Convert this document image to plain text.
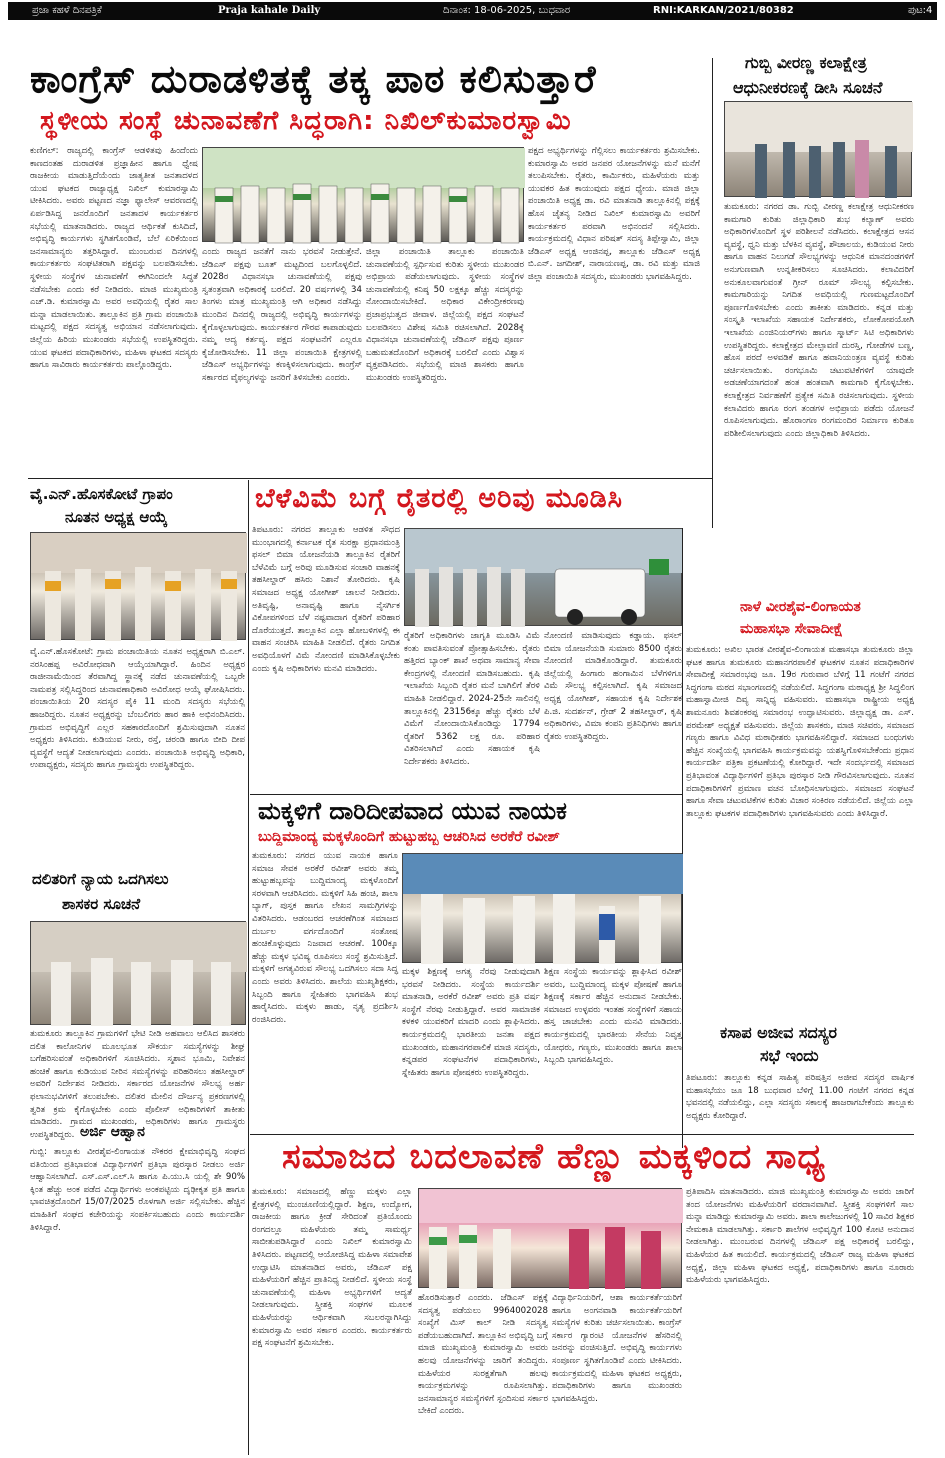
ಪ್ರಜಾ ಕಹಳೆ ದಿನಪತ್ರಿಕೆ	Praja kahale Daily	ದಿನಾಂಕ: 18-06-2025, ಬುಧವಾರ	RNI:KARKAN/2021/80382	ಪುಟ:4
ಕಾಂಗ್ರೆಸ್ ದುರಾಡಳಿತಕ್ಕೆ ತಕ್ಕ ಪಾಠ ಕಲಿಸುತ್ತಾರೆ
ಸ್ಥಳೀಯ ಸಂಸ್ಥೆ ಚುನಾವಣೆಗೆ ಸಿದ್ಧರಾಗಿ: ನಿಖಿಲ್‌ಕುಮಾರಸ್ವಾಮಿ
ಕುಣಿಗಲ್: ರಾಜ್ಯದಲ್ಲಿ ಕಾಂಗ್ರೆಸ್ ಆಡಳಿತವು ಹಿಂದೆಂದು ಕಾಣದಂತಹ ದುರಾಡಳಿತ ಪ್ರಜ್ಞಾಹೀನ ಹಾಗೂ ಧ್ವೇಷ ರಾಜಕೀಯ ಮಾಡುತ್ತಿದೆಯೆಂದು ಜಾತ್ಯತೀತ ಜನತಾದಳದ ಯುವ ಘಟಕದ ರಾಜ್ಯಾಧ್ಯಕ್ಷ ನಿಖಿಲ್ ಕುಮಾರಸ್ವಾಮಿ ಟೀಕಿಸಿದರು. ಅವರು ಪಟ್ಟಣದ ನಜ್ಞಾ ಫ್ಯಾಲೇಸ್ ಆವರಣದಲ್ಲಿ ಏರ್ಪಡಿಸಿದ್ದ ಜನರೊಂದಿಗೆ ಜನತಾದಳ ಕಾರ್ಯಕರ್ತರ ಸಭೆಯಲ್ಲಿ ಮಾತನಾಡಿದರು. ರಾಜ್ಯದ ಆರ್ಥಿಕತೆ ಕುಸಿದಿದೆ, ಅಭಿವೃದ್ಧಿ ಕಾರ್ಯಗಳು ಸ್ಥಗಿತಗೊಂಡಿವೆ, ಬೆಲೆ ಏರಿಕೆಯಿಂದ ಜನಸಾಮಾನ್ಯರು ತತ್ತರಿಸಿದ್ದಾರೆ. ಮುಂಬರುವ ದಿನಗಳಲ್ಲಿ ಕಾರ್ಯಕರ್ತರು ಸಂಘಟಿತರಾಗಿ ಪಕ್ಷವನ್ನು ಬಲಪಡಿಸಬೇಕು. ಸ್ಥಳೀಯ ಸಂಸ್ಥೆಗಳ ಚುನಾವಣೆಗೆ ಈಗಿನಿಂದಲೇ ಸಿದ್ಧತೆ ನಡೆಸಬೇಕು ಎಂದು ಕರೆ ನೀಡಿದರು. ಮಾಜಿ ಮುಖ್ಯಮಂತ್ರಿ ಎಚ್.ಡಿ. ಕುಮಾರಸ್ವಾಮಿ ಅವರ ಅವಧಿಯಲ್ಲಿ ರೈತರ ಸಾಲ ಮನ್ನಾ ಮಾಡಲಾಯಿತು. ತಾಲ್ಲೂಕಿನ ಪ್ರತಿ ಗ್ರಾಮ ಪಂಚಾಯಿತಿ ಮಟ್ಟದಲ್ಲಿ ಪಕ್ಷದ ಸದಸ್ಯತ್ವ ಅಭಿಯಾನ ನಡೆಸಲಾಗುವುದು. ಜಿಲ್ಲೆಯ ಹಿರಿಯ ಮುಖಂಡರು ಸಭೆಯಲ್ಲಿ ಉಪಸ್ಥಿತರಿದ್ದರು. ಯುವ ಘಟಕದ ಪದಾಧಿಕಾರಿಗಳು, ಮಹಿಳಾ ಘಟಕದ ಸದಸ್ಯರು ಹಾಗೂ ಸಾವಿರಾರು ಕಾರ್ಯಕರ್ತರು ಪಾಲ್ಗೊಂಡಿದ್ದರು.
ಎಂದು ರಾಜ್ಯದ ಜನತೆಗೆ ನಾನು ಭರವಸೆ ನೀಡುತ್ತೇನೆ. ಜೆಡಿಎಸ್ ಪಕ್ಷವು ಬೂತ್ ಮಟ್ಟದಿಂದ ಬಲಗೊಳ್ಳಲಿದೆ. 2028ರ ವಿಧಾನಸಭಾ ಚುನಾವಣೆಯಲ್ಲಿ ಪಕ್ಷವು ಸ್ವತಂತ್ರವಾಗಿ ಅಧಿಕಾರಕ್ಕೆ ಬರಲಿದೆ. 20 ವರ್ಷಗಳಲ್ಲಿ 34 ತಿಂಗಳು ಮಾತ್ರ ಮುಖ್ಯಮಂತ್ರಿ ಆಗಿ ಅಧಿಕಾರ ನಡೆಸಿದ್ದು ಮುಂದಿನ ದಿನದಲ್ಲಿ ರಾಜ್ಯದಲ್ಲಿ ಅಭಿವೃದ್ಧಿ ಕಾರ್ಯಗಳನ್ನು ಕೈಗೊಳ್ಳಲಾಗುವುದು. ಕಾರ್ಯಕರ್ತರ ಗೌರವ ಕಾಪಾಡುವುದು ನಮ್ಮ ಆದ್ಯ ಕರ್ತವ್ಯ. ಪಕ್ಷದ ಸಂಘಟನೆಗೆ ಎಲ್ಲರೂ ಕೈಜೋಡಿಸಬೇಕು. 11 ಜಿಲ್ಲಾ ಪಂಚಾಯಿತಿ ಕ್ಷೇತ್ರಗಳಲ್ಲಿ ಜೆಡಿಎಸ್ ಅಭ್ಯರ್ಥಿಗಳನ್ನು ಕಣಕ್ಕಿಳಿಸಲಾಗುವುದು. ಕಾಂಗ್ರೆಸ್ ಸರ್ಕಾರದ ವೈಫಲ್ಯಗಳನ್ನು ಜನರಿಗೆ ತಿಳಿಸಬೇಕು ಎಂದರು.
ಜಿಲ್ಲಾ ಪಂಚಾಯಿತಿ ತಾಲ್ಲೂಕು ಪಂಚಾಯಿತಿ ಚುನಾವಣೆಯಲ್ಲಿ ಸ್ಪರ್ಧಿಸುವ ಕುರಿತು ಸ್ಥಳೀಯ ಮುಖಂಡರ ಅಭಿಪ್ರಾಯ ಪಡೆಯಲಾಗುವುದು. ಸ್ಥಳೀಯ ಸಂಸ್ಥೆಗಳ ಚುನಾವಣೆಯಲ್ಲಿ ಕನಿಷ್ಠ 50 ಲಕ್ಷಕ್ಕೂ ಹೆಚ್ಚು ಸದಸ್ಯರನ್ನು ನೋಂದಾಯಿಸಬೇಕಿದೆ. ಅಧಿಕಾರ ವಿಕೇಂದ್ರೀಕರಣವು ಪ್ರಜಾಪ್ರಭುತ್ವದ ಜೀವಾಳ. ಜಿಲ್ಲೆಯಲ್ಲಿ ಪಕ್ಷದ ಸಂಘಟನೆ ಬಲಪಡಿಸಲು ವಿಶೇಷ ಸಮಿತಿ ರಚಿಸಲಾಗಿದೆ. 2028ಕ್ಕೆ ವಿಧಾನಸಭಾ ಚುನಾವಣೆಯಲ್ಲಿ ಜೆಡಿಎಸ್ ಪಕ್ಷವು ಪೂರ್ಣ ಬಹುಮತದೊಂದಿಗೆ ಅಧಿಕಾರಕ್ಕೆ ಬರಲಿದೆ ಎಂದು ವಿಶ್ವಾಸ ವ್ಯಕ್ತಪಡಿಸಿದರು. ಸಭೆಯಲ್ಲಿ ಮಾಜಿ ಶಾಸಕರು ಹಾಗೂ ಮುಖಂಡರು ಉಪಸ್ಥಿತರಿದ್ದರು.
ಪಕ್ಷದ ಅಭ್ಯರ್ಥಿಗಳನ್ನು ಗೆಲ್ಲಿಸಲು ಕಾರ್ಯಕರ್ತರು ಶ್ರಮಿಸಬೇಕು. ಕುಮಾರಸ್ವಾಮಿ ಅವರ ಜನಪರ ಯೋಜನೆಗಳನ್ನು ಮನೆ ಮನೆಗೆ ತಲುಪಿಸಬೇಕು. ರೈತರು, ಕಾರ್ಮಿಕರು, ಮಹಿಳೆಯರು ಮತ್ತು ಯುವಕರ ಹಿತ ಕಾಯುವುದು ಪಕ್ಷದ ಧ್ಯೇಯ. ಮಾಜಿ ಜಿಲ್ಲಾ ಪಂಚಾಯಿತಿ ಅಧ್ಯಕ್ಷ ಡಾ. ರವಿ ಮಾತನಾಡಿ ತಾಲ್ಲೂಕಿನಲ್ಲಿ ಪಕ್ಷಕ್ಕೆ ಹೊಸ ಚೈತನ್ಯ ನೀಡಿದ ನಿಖಿಲ್ ಕುಮಾರಸ್ವಾಮಿ ಅವರಿಗೆ ಕಾರ್ಯಕರ್ತರ ಪರವಾಗಿ ಅಭಿನಂದನೆ ಸಲ್ಲಿಸಿದರು. ಕಾರ್ಯಕ್ರಮದಲ್ಲಿ ವಿಧಾನ ಪರಿಷತ್ ಸದಸ್ಯ ತಿಪ್ಪೇಸ್ವಾಮಿ, ಜಿಲ್ಲಾ ಜೆಡಿಎಸ್ ಅಧ್ಯಕ್ಷ ಆಂಜಿನಪ್ಪ, ತಾಲ್ಲೂಕು ಜೆಡಿಎಸ್ ಅಧ್ಯಕ್ಷ ಬಿ.ಎನ್. ಜಗದೀಶ್, ನಾರಾಯಣಪ್ಪ, ಡಾ. ರವಿ ಮತ್ತು ಮಾಜಿ ಜಿಲ್ಲಾ ಪಂಚಾಯಿತಿ ಸದಸ್ಯರು, ಮುಖಂಡರು ಭಾಗವಹಿಸಿದ್ದರು.
ಗುಬ್ಬಿ ವೀರಣ್ಣ ಕಲಾಕ್ಷೇತ್ರ
ಆಧುನೀಕರಣಕ್ಕೆ ಡೀಸಿ ಸೂಚನೆ
ತುಮಕೂರು: ನಗರದ ಡಾ. ಗುಬ್ಬಿ ವೀರಣ್ಣ ಕಲಾಕ್ಷೇತ್ರ ಆಧುನೀಕರಣ ಕಾಮಗಾರಿ ಕುರಿತು ಜಿಲ್ಲಾಧಿಕಾರಿ ಶುಭ ಕಲ್ಯಾಣ್ ಅವರು ಅಧಿಕಾರಿಗಳೊಂದಿಗೆ ಸ್ಥಳ ಪರಿಶೀಲನೆ ನಡೆಸಿದರು. ಕಲಾಕ್ಷೇತ್ರದ ಆಸನ ವ್ಯವಸ್ಥೆ, ಧ್ವನಿ ಮತ್ತು ಬೆಳಕಿನ ವ್ಯವಸ್ಥೆ, ಶೌಚಾಲಯ, ಕುಡಿಯುವ ನೀರು ಹಾಗೂ ವಾಹನ ನಿಲುಗಡೆ ಸೌಲಭ್ಯಗಳನ್ನು ಆಧುನಿಕ ಮಾನದಂಡಗಳಿಗೆ ಅನುಗುಣವಾಗಿ ಉನ್ನತೀಕರಿಸಲು ಸೂಚಿಸಿದರು. ಕಲಾವಿದರಿಗೆ ಅನುಕೂಲವಾಗುವಂತೆ ಗ್ರೀನ್ ರೂಮ್ ಸೌಲಭ್ಯ ಕಲ್ಪಿಸಬೇಕು. ಕಾಮಗಾರಿಯನ್ನು ನಿಗದಿತ ಅವಧಿಯಲ್ಲಿ ಗುಣಮಟ್ಟದೊಂದಿಗೆ ಪೂರ್ಣಗೊಳಿಸಬೇಕು ಎಂದು ತಾಕೀತು ಮಾಡಿದರು. ಕನ್ನಡ ಮತ್ತು ಸಂಸ್ಕೃತಿ ಇಲಾಖೆಯ ಸಹಾಯಕ ನಿರ್ದೇಶಕರು, ಲೋಕೋಪಯೋಗಿ ಇಲಾಖೆಯ ಎಂಜಿನಿಯರ್‌ಗಳು ಹಾಗೂ ಸ್ಮಾರ್ಟ್ ಸಿಟಿ ಅಧಿಕಾರಿಗಳು ಉಪಸ್ಥಿತರಿದ್ದರು. ಕಲಾಕ್ಷೇತ್ರದ ಮೇಲ್ಛಾವಣಿ ದುರಸ್ತಿ, ಗೋಡೆಗಳ ಬಣ್ಣ, ಹೊಸ ಪರದೆ ಅಳವಡಿಕೆ ಹಾಗೂ ಹವಾನಿಯಂತ್ರಣ ವ್ಯವಸ್ಥೆ ಕುರಿತು ಚರ್ಚಿಸಲಾಯಿತು. ರಂಗಭೂಮಿ ಚಟುವಟಿಕೆಗಳಿಗೆ ಯಾವುದೇ ಅಡಚಣೆಯಾಗದಂತೆ ಹಂತ ಹಂತವಾಗಿ ಕಾಮಗಾರಿ ಕೈಗೊಳ್ಳಬೇಕು. ಕಲಾಕ್ಷೇತ್ರದ ನಿರ್ವಹಣೆಗೆ ಪ್ರತ್ಯೇಕ ಸಮಿತಿ ರಚಿಸಲಾಗುವುದು. ಸ್ಥಳೀಯ ಕಲಾವಿದರು ಹಾಗೂ ರಂಗ ತಂಡಗಳ ಅಭಿಪ್ರಾಯ ಪಡೆದು ಯೋಜನೆ ರೂಪಿಸಲಾಗುವುದು. ಹೊರಾಂಗಣ ರಂಗಮಂದಿರ ನಿರ್ಮಾಣ ಕುರಿತೂ ಪರಿಶೀಲಿಸಲಾಗುವುದು ಎಂದು ಜಿಲ್ಲಾಧಿಕಾರಿ ತಿಳಿಸಿದರು.
ನಾಳೆ ವೀರಶೈವ-ಲಿಂಗಾಯತ
ಮಹಾಸಭಾ ಸೇವಾದೀಕ್ಷೆ
ತುಮಕೂರು: ಅಖಿಲ ಭಾರತ ವೀರಶೈವ-ಲಿಂಗಾಯತ ಮಹಾಸಭಾ ತುಮಕೂರು ಜಿಲ್ಲಾ ಘಟಕ ಹಾಗೂ ತುಮಕೂರು ಮಹಾನಗರಪಾಲಿಕೆ ಘಟಕಗಳ ನೂತನ ಪದಾಧಿಕಾರಿಗಳ ಸೇವಾದೀಕ್ಷೆ ಸಮಾರಂಭವು ಜೂ. 19ರ ಗುರುವಾರ ಬೆಳಿಗ್ಗೆ 11 ಗಂಟೆಗೆ ನಗರದ ಸಿದ್ಧಗಂಗಾ ಮಠದ ಸಭಾಂಗಣದಲ್ಲಿ ನಡೆಯಲಿದೆ. ಸಿದ್ಧಗಂಗಾ ಮಠಾಧ್ಯಕ್ಷ ಶ್ರೀ ಸಿದ್ಧಲಿಂಗ ಮಹಾಸ್ವಾಮೀಜಿ ದಿವ್ಯ ಸಾನ್ನಿಧ್ಯ ವಹಿಸುವರು. ಮಹಾಸಭಾ ರಾಷ್ಟ್ರೀಯ ಅಧ್ಯಕ್ಷ ಶಾಮನೂರು ಶಿವಶಂಕರಪ್ಪ ಸಮಾರಂಭ ಉದ್ಘಾಟಿಸುವರು. ಜಿಲ್ಲಾಧ್ಯಕ್ಷ ಡಾ. ಎಸ್. ಪರಮೇಶ್ ಅಧ್ಯಕ್ಷತೆ ವಹಿಸುವರು. ಜಿಲ್ಲೆಯ ಶಾಸಕರು, ಮಾಜಿ ಸಚಿವರು, ಸಮಾಜದ ಗಣ್ಯರು ಹಾಗೂ ವಿವಿಧ ಮಠಾಧೀಶರು ಭಾಗವಹಿಸಲಿದ್ದಾರೆ. ಸಮಾಜದ ಬಂಧುಗಳು ಹೆಚ್ಚಿನ ಸಂಖ್ಯೆಯಲ್ಲಿ ಭಾಗವಹಿಸಿ ಕಾರ್ಯಕ್ರಮವನ್ನು ಯಶಸ್ವಿಗೊಳಿಸಬೇಕೆಂದು ಪ್ರಧಾನ ಕಾರ್ಯದರ್ಶಿ ಪತ್ರಿಕಾ ಪ್ರಕಟಣೆಯಲ್ಲಿ ಕೋರಿದ್ದಾರೆ. ಇದೇ ಸಂದರ್ಭದಲ್ಲಿ ಸಮಾಜದ ಪ್ರತಿಭಾವಂತ ವಿದ್ಯಾರ್ಥಿಗಳಿಗೆ ಪ್ರತಿಭಾ ಪುರಸ್ಕಾರ ನೀಡಿ ಗೌರವಿಸಲಾಗುವುದು. ನೂತನ ಪದಾಧಿಕಾರಿಗಳಿಗೆ ಪ್ರಮಾಣ ವಚನ ಬೋಧಿಸಲಾಗುವುದು. ಸಮಾಜದ ಸಂಘಟನೆ ಹಾಗೂ ಸೇವಾ ಚಟುವಟಿಕೆಗಳ ಕುರಿತು ವಿಚಾರ ಸಂಕಿರಣ ನಡೆಯಲಿದೆ. ಜಿಲ್ಲೆಯ ಎಲ್ಲಾ ತಾಲ್ಲೂಕು ಘಟಕಗಳ ಪದಾಧಿಕಾರಿಗಳು ಭಾಗವಹಿಸುವರು ಎಂದು ತಿಳಿಸಿದ್ದಾರೆ.
ಕಸಾಪ ಅಜೀವ ಸದಸ್ಯರ
ಸಭೆ ಇಂದು
ತಿಪಟೂರು: ತಾಲ್ಲೂಕು ಕನ್ನಡ ಸಾಹಿತ್ಯ ಪರಿಷತ್ತಿನ ಅಜೀವ ಸದಸ್ಯರ ವಾರ್ಷಿಕ ಮಹಾಸಭೆಯು ಜೂ 18 ಬುಧವಾರ ಬೆಳಿಗ್ಗೆ 11.00 ಗಂಟೆಗೆ ನಗರದ ಕನ್ನಡ ಭವನದಲ್ಲಿ ನಡೆಯಲಿದ್ದು, ಎಲ್ಲಾ ಸದಸ್ಯರು ಸಕಾಲಕ್ಕೆ ಹಾಜರಾಗಬೇಕೆಂದು ತಾಲ್ಲೂಕು ಅಧ್ಯಕ್ಷರು ಕೋರಿದ್ದಾರೆ.
ವೈ.ಎನ್.ಹೊಸಕೋಟೆ ಗ್ರಾಪಂ
ನೂತನ ಅಧ್ಯಕ್ಷ ಆಯ್ಕೆ
ವೈ.ಎನ್.ಹೊಸಕೋಟೆ: ಗ್ರಾಮ ಪಂಚಾಯಿತಿಯ ನೂತನ ಅಧ್ಯಕ್ಷರಾಗಿ ಬಿ.ಎಲ್. ನರಸಿಂಹಪ್ಪ ಅವಿರೋಧವಾಗಿ ಆಯ್ಕೆಯಾಗಿದ್ದಾರೆ. ಹಿಂದಿನ ಅಧ್ಯಕ್ಷರ ರಾಜೀನಾಮೆಯಿಂದ ತೆರವಾಗಿದ್ದ ಸ್ಥಾನಕ್ಕೆ ನಡೆದ ಚುನಾವಣೆಯಲ್ಲಿ ಒಬ್ಬರೇ ನಾಮಪತ್ರ ಸಲ್ಲಿಸಿದ್ದರಿಂದ ಚುನಾವಣಾಧಿಕಾರಿ ಅವಿರೋಧ ಆಯ್ಕೆ ಘೋಷಿಸಿದರು. ಪಂಚಾಯಿತಿಯ 20 ಸದಸ್ಯರ ಪೈಕಿ 11 ಮಂದಿ ಸದಸ್ಯರು ಸಭೆಯಲ್ಲಿ ಹಾಜರಿದ್ದರು. ನೂತನ ಅಧ್ಯಕ್ಷರನ್ನು ಬೆಂಬಲಿಗರು ಹಾರ ಹಾಕಿ ಅಭಿನಂದಿಸಿದರು. ಗ್ರಾಮದ ಅಭಿವೃದ್ಧಿಗೆ ಎಲ್ಲರ ಸಹಕಾರದೊಂದಿಗೆ ಶ್ರಮಿಸುವುದಾಗಿ ನೂತನ ಅಧ್ಯಕ್ಷರು ತಿಳಿಸಿದರು. ಕುಡಿಯುವ ನೀರು, ರಸ್ತೆ, ಚರಂಡಿ ಹಾಗೂ ಬೀದಿ ದೀಪ ವ್ಯವಸ್ಥೆಗೆ ಆದ್ಯತೆ ನೀಡಲಾಗುವುದು ಎಂದರು. ಪಂಚಾಯಿತಿ ಅಭಿವೃದ್ಧಿ ಅಧಿಕಾರಿ, ಉಪಾಧ್ಯಕ್ಷರು, ಸದಸ್ಯರು ಹಾಗೂ ಗ್ರಾಮಸ್ಥರು ಉಪಸ್ಥಿತರಿದ್ದರು.
ಬೆಳೆವಿಮೆ ಬಗ್ಗೆ ರೈತರಲ್ಲಿ ಅರಿವು ಮೂಡಿಸಿ
ತಿಪಟೂರು: ನಗರದ ತಾಲ್ಲೂಕು ಆಡಳಿತ ಸೌಧದ ಮುಂಭಾಗದಲ್ಲಿ ಕರ್ನಾಟಕ ರೈತ ಸುರಕ್ಷಾ ಪ್ರಧಾನಮಂತ್ರಿ ಫಸಲ್ ಬಿಮಾ ಯೋಜನೆಯಡಿ ತಾಲ್ಲೂಕಿನ ರೈತರಿಗೆ ಬೆಳೆವಿಮೆ ಬಗ್ಗೆ ಅರಿವು ಮೂಡಿಸುವ ಸಂಚಾರಿ ವಾಹನಕ್ಕೆ ತಹಸೀಲ್ದಾರ್ ಹಸಿರು ನಿಶಾನೆ ತೋರಿದರು. ಕೃಷಿ ಸಮಾಜದ ಅಧ್ಯಕ್ಷ ಯೋಗೀಶ್ ಚಾಲನೆ ನೀಡಿದರು. ಅತಿವೃಷ್ಟಿ, ಅನಾವೃಷ್ಟಿ ಹಾಗೂ ನೈಸರ್ಗಿಕ ವಿಕೋಪಗಳಿಂದ ಬೆಳೆ ನಷ್ಟವಾದಾಗ ರೈತರಿಗೆ ಪರಿಹಾರ ದೊರೆಯುತ್ತದೆ. ತಾಲ್ಲೂಕಿನ ಎಲ್ಲಾ ಹೋಬಳಿಗಳಲ್ಲಿ ಈ ವಾಹನ ಸಂಚರಿಸಿ ಮಾಹಿತಿ ನೀಡಲಿದೆ. ರೈತರು ನಿಗದಿತ ಅವಧಿಯೊಳಗೆ ವಿಮೆ ನೋಂದಣಿ ಮಾಡಿಸಿಕೊಳ್ಳಬೇಕು ಎಂದು ಕೃಷಿ ಅಧಿಕಾರಿಗಳು ಮನವಿ ಮಾಡಿದರು.
ರೈತರಿಗೆ ಅಧಿಕಾರಿಗಳು ಜಾಗೃತಿ ಮೂಡಿಸಿ ವಿಮೆ ಕಂತು ಪಾವತಿಸುವಂತೆ ಪ್ರೋತ್ಸಾಹಿಸಬೇಕು. ರೈತರು ಹತ್ತಿರದ ಬ್ಯಾಂಕ್ ಶಾಖೆ ಅಥವಾ ಸಾಮಾನ್ಯ ಸೇವಾ ಕೇಂದ್ರಗಳಲ್ಲಿ ನೋಂದಣಿ ಮಾಡಿಸಬಹುದು. ಕೃಷಿ ಇಲಾಖೆಯ ಸಿಬ್ಬಂದಿ ರೈತರ ಮನೆ ಬಾಗಿಲಿಗೆ ತೆರಳಿ ಮಾಹಿತಿ ನೀಡಲಿದ್ದಾರೆ. 2024-25ನೇ ಸಾಲಿನಲ್ಲಿ ತಾಲ್ಲೂಕಿನಲ್ಲಿ 23156ಕ್ಕೂ ಹೆಚ್ಚು ರೈತರು ಬೆಳೆ ವಿಮೆಗೆ ನೋಂದಾಯಿಸಿಕೊಂಡಿದ್ದು 17794 ರೈತರಿಗೆ 5362 ಲಕ್ಷ ರೂ. ಪರಿಹಾರ ವಿತರಿಸಲಾಗಿದೆ ಎಂದು ಸಹಾಯಕ ಕೃಷಿ ನಿರ್ದೇಶಕರು ತಿಳಿಸಿದರು.
ನೋಂದಣಿ ಮಾಡಿಸುವುದು ಕಡ್ಡಾಯ. ಫಸಲ್ ಬಿಮಾ ಯೋಜನೆಯಡಿ ಸುಮಾರು 8500 ರೈತರು ನೋಂದಣಿ ಮಾಡಿಕೊಂಡಿದ್ದಾರೆ. ತುಮಕೂರು ಜಿಲ್ಲೆಯಲ್ಲಿ ಹಿಂಗಾರು ಹಂಗಾಮಿನ ಬೆಳೆಗಳಿಗೂ ವಿಮೆ ಸೌಲಭ್ಯ ಕಲ್ಪಿಸಲಾಗಿದೆ. ಕೃಷಿ ಸಮಾಜದ ಅಧ್ಯಕ್ಷ ಯೋಗೀಶ್, ಸಹಾಯಕ ಕೃಷಿ ನಿರ್ದೇಶಕ ಪಿ.ಜಿ. ಸುದರ್ಶನ್, ಗ್ರೇಡ್ 2 ತಹಸೀಲ್ದಾರ್, ಕೃಷಿ ಅಧಿಕಾರಿಗಳು, ವಿಮಾ ಕಂಪನಿ ಪ್ರತಿನಿಧಿಗಳು ಹಾಗೂ ರೈತರು ಉಪಸ್ಥಿತರಿದ್ದರು.
ದಲಿತರಿಗೆ ನ್ಯಾಯ ಒದಗಿಸಲು
ಶಾಸಕರ ಸೂಚನೆ
ತುಮಕೂರು ತಾಲ್ಲೂಕಿನ ಗ್ರಾಮಗಳಿಗೆ ಭೇಟಿ ನೀಡಿ ಅಹವಾಲು ಆಲಿಸಿದ ಶಾಸಕರು ದಲಿತ ಕಾಲೋನಿಗಳ ಮೂಲಭೂತ ಸೌಕರ್ಯ ಸಮಸ್ಯೆಗಳನ್ನು ಶೀಘ್ರ ಬಗೆಹರಿಸುವಂತೆ ಅಧಿಕಾರಿಗಳಿಗೆ ಸೂಚಿಸಿದರು. ಸ್ಮಶಾನ ಭೂಮಿ, ನಿವೇಶನ ಹಂಚಿಕೆ ಹಾಗೂ ಕುಡಿಯುವ ನೀರಿನ ಸಮಸ್ಯೆಗಳನ್ನು ಪರಿಹರಿಸಲು ತಹಸೀಲ್ದಾರ್ ಅವರಿಗೆ ನಿರ್ದೇಶನ ನೀಡಿದರು. ಸರ್ಕಾರದ ಯೋಜನೆಗಳ ಸೌಲಭ್ಯ ಅರ್ಹ ಫಲಾನುಭವಿಗಳಿಗೆ ತಲುಪಬೇಕು. ದಲಿತರ ಮೇಲಿನ ದೌರ್ಜನ್ಯ ಪ್ರಕರಣಗಳಲ್ಲಿ ತ್ವರಿತ ಕ್ರಮ ಕೈಗೊಳ್ಳಬೇಕು ಎಂದು ಪೊಲೀಸ್ ಅಧಿಕಾರಿಗಳಿಗೆ ತಾಕೀತು ಮಾಡಿದರು. ಗ್ರಾಮದ ಮುಖಂಡರು, ಅಧಿಕಾರಿಗಳು ಹಾಗೂ ಗ್ರಾಮಸ್ಥರು ಉಪಸ್ಥಿತರಿದ್ದರು. ಅರ್ಜಿ ಆಹ್ವಾನ
ಗುಬ್ಬಿ: ತಾಲ್ಲೂಕು ವೀರಶೈವ-ಲಿಂಗಾಯತ ನೌಕರರ ಕ್ಷೇಮಾಭಿವೃದ್ಧಿ ಸಂಘದ ವತಿಯಿಂದ ಪ್ರತಿಭಾವಂತ ವಿದ್ಯಾರ್ಥಿಗಳಿಗೆ ಪ್ರತಿಭಾ ಪುರಸ್ಕಾರ ನೀಡಲು ಅರ್ಜಿ ಆಹ್ವಾನಿಸಲಾಗಿದೆ. ಎಸ್.ಎಸ್.ಎಲ್.ಸಿ ಹಾಗೂ ಪಿ.ಯು.ಸಿ ಯಲ್ಲಿ ಶೇ 90% ಕ್ಕಿಂತ ಹೆಚ್ಚು ಅಂಕ ಪಡೆದ ವಿದ್ಯಾರ್ಥಿಗಳು ಅಂಕಪಟ್ಟಿಯ ದೃಢೀಕೃತ ಪ್ರತಿ ಹಾಗೂ ಭಾವಚಿತ್ರದೊಂದಿಗೆ 15/07/2025 ರೊಳಗಾಗಿ ಅರ್ಜಿ ಸಲ್ಲಿಸಬೇಕು. ಹೆಚ್ಚಿನ ಮಾಹಿತಿಗೆ ಸಂಘದ ಕಚೇರಿಯನ್ನು ಸಂಪರ್ಕಿಸಬಹುದು ಎಂದು ಕಾರ್ಯದರ್ಶಿ ತಿಳಿಸಿದ್ದಾರೆ.
ಮಕ್ಕಳಿಗೆ ದಾರಿದೀಪವಾದ ಯುವ ನಾಯಕ
ಬುದ್ದಿಮಾಂದ್ಯ ಮಕ್ಕಳೊಂದಿಗೆ ಹುಟ್ಟುಹಬ್ಬ ಆಚರಿಸಿದ ಅರಕೆರೆ ರವೀಶ್
ತುಮಕೂರು: ನಗರದ ಯುವ ನಾಯಕ ಹಾಗೂ ಸಮಾಜ ಸೇವಕ ಅರಕೆರೆ ರವೀಶ್ ಅವರು ತಮ್ಮ ಹುಟ್ಟುಹಬ್ಬವನ್ನು ಬುದ್ದಿಮಾಂದ್ಯ ಮಕ್ಕಳೊಂದಿಗೆ ಸರಳವಾಗಿ ಆಚರಿಸಿದರು. ಮಕ್ಕಳಿಗೆ ಸಿಹಿ ಹಂಚಿ, ಶಾಲಾ ಬ್ಯಾಗ್, ಪುಸ್ತಕ ಹಾಗೂ ಲೇಖನ ಸಾಮಗ್ರಿಗಳನ್ನು ವಿತರಿಸಿದರು. ಆಡಂಬರದ ಆಚರಣೆಗಿಂತ ಸಮಾಜದ ದುರ್ಬಲ ವರ್ಗದೊಂದಿಗೆ ಸಂತೋಷ ಹಂಚಿಕೊಳ್ಳುವುದು ನಿಜವಾದ ಆಚರಣೆ. 100ಕ್ಕೂ ಹೆಚ್ಚು ಮಕ್ಕಳ ಭವಿಷ್ಯ ರೂಪಿಸಲು ಸಂಸ್ಥೆ ಶ್ರಮಿಸುತ್ತಿದೆ. ಮಕ್ಕಳಿಗೆ ಅಗತ್ಯವಿರುವ ಸೌಲಭ್ಯ ಒದಗಿಸಲು ಸದಾ ಸಿದ್ಧ ಎಂದು ಅವರು ತಿಳಿಸಿದರು. ಶಾಲೆಯ ಮುಖ್ಯಶಿಕ್ಷಕರು, ಸಿಬ್ಬಂದಿ ಹಾಗೂ ಸ್ನೇಹಿತರು ಭಾಗವಹಿಸಿ ಶುಭ ಹಾರೈಸಿದರು. ಮಕ್ಕಳು ಹಾಡು, ನೃತ್ಯ ಪ್ರದರ್ಶಿಸಿ ರಂಜಿಸಿದರು.
ಮಕ್ಕಳ ಶಿಕ್ಷಣಕ್ಕೆ ಅಗತ್ಯ ನೆರವು ನೀಡುವುದಾಗಿ ಭರವಸೆ ನೀಡಿದರು. ಸಂಸ್ಥೆಯ ಕಾರ್ಯದರ್ಶಿ ಮಾತನಾಡಿ, ಅರಕೆರೆ ರವೀಶ್ ಅವರು ಪ್ರತಿ ವರ್ಷ ಸಂಸ್ಥೆಗೆ ನೆರವು ನೀಡುತ್ತಿದ್ದಾರೆ. ಅವರ ಸಾಮಾಜಿಕ ಕಳಕಳಿ ಯುವಕರಿಗೆ ಮಾದರಿ ಎಂದು ಶ್ಲಾಘಿಸಿದರು. ಕಾರ್ಯಕ್ರಮದಲ್ಲಿ ಭಾರತೀಯ ಜನತಾ ಪಕ್ಷದ ಮುಖಂಡರು, ಮಹಾನಗರಪಾಲಿಕೆ ಮಾಜಿ ಸದಸ್ಯರು, ಕನ್ನಡಪರ ಸಂಘಟನೆಗಳ ಪದಾಧಿಕಾರಿಗಳು, ಸ್ನೇಹಿತರು ಹಾಗೂ ಪೋಷಕರು ಉಪಸ್ಥಿತರಿದ್ದರು.
ಶಿಕ್ಷಣ ಸಂಸ್ಥೆಯ ಕಾರ್ಯವನ್ನು ಶ್ಲಾಘಿಸಿದ ರವೀಶ್ ಅವರು, ಬುದ್ದಿಮಾಂದ್ಯ ಮಕ್ಕಳ ಪೋಷಣೆ ಹಾಗೂ ಶಿಕ್ಷಣಕ್ಕೆ ಸರ್ಕಾರ ಹೆಚ್ಚಿನ ಅನುದಾನ ನೀಡಬೇಕು. ಸಮಾಜದ ಉಳ್ಳವರು ಇಂತಹ ಸಂಸ್ಥೆಗಳಿಗೆ ಸಹಾಯ ಹಸ್ತ ಚಾಚಬೇಕು ಎಂದು ಮನವಿ ಮಾಡಿದರು. ಕಾರ್ಯಕ್ರಮದಲ್ಲಿ ಭಾರತೀಯ ಸೇನೆಯ ನಿವೃತ್ತ ಯೋಧರು, ಗಣ್ಯರು, ಮುಖಂಡರು ಹಾಗೂ ಶಾಲಾ ಸಿಬ್ಬಂದಿ ಭಾಗವಹಿಸಿದ್ದರು.
ಸಮಾಜದ ಬದಲಾವಣೆ ಹೆಣ್ಣು ಮಕ್ಕಳಿಂದ ಸಾಧ್ಯ
ತುಮಕೂರು: ಸಮಾಜದಲ್ಲಿ ಹೆಣ್ಣು ಮಕ್ಕಳು ಎಲ್ಲಾ ಕ್ಷೇತ್ರಗಳಲ್ಲಿ ಮುಂಚೂಣಿಯಲ್ಲಿದ್ದಾರೆ. ಶಿಕ್ಷಣ, ಉದ್ಯೋಗ, ರಾಜಕೀಯ ಹಾಗೂ ಕ್ರೀಡೆ ಸೇರಿದಂತೆ ಪ್ರತಿಯೊಂದು ರಂಗದಲ್ಲೂ ಮಹಿಳೆಯರು ತಮ್ಮ ಸಾಮರ್ಥ್ಯ ಸಾಬೀತುಪಡಿಸಿದ್ದಾರೆ ಎಂದು ನಿಖಿಲ್ ಕುಮಾರಸ್ವಾಮಿ ತಿಳಿಸಿದರು. ಪಟ್ಟಣದಲ್ಲಿ ಆಯೋಜಿಸಿದ್ದ ಮಹಿಳಾ ಸಮಾವೇಶ ಉದ್ಘಾಟಿಸಿ ಮಾತನಾಡಿದ ಅವರು, ಜೆಡಿಎಸ್ ಪಕ್ಷ ಮಹಿಳೆಯರಿಗೆ ಹೆಚ್ಚಿನ ಪ್ರಾತಿನಿಧ್ಯ ನೀಡಲಿದೆ. ಸ್ಥಳೀಯ ಸಂಸ್ಥೆ ಚುನಾವಣೆಯಲ್ಲಿ ಮಹಿಳಾ ಅಭ್ಯರ್ಥಿಗಳಿಗೆ ಆದ್ಯತೆ ನೀಡಲಾಗುವುದು. ಸ್ತ್ರೀಶಕ್ತಿ ಸಂಘಗಳ ಮೂಲಕ ಮಹಿಳೆಯರನ್ನು ಆರ್ಥಿಕವಾಗಿ ಸಬಲರನ್ನಾಗಿಸಿದ್ದು ಕುಮಾರಸ್ವಾಮಿ ಅವರ ಸರ್ಕಾರ ಎಂದರು. ಕಾರ್ಯಕರ್ತರು ಪಕ್ಷ ಸಂಘಟನೆಗೆ ಶ್ರಮಿಸಬೇಕು.
ಹೊರಡಿಸುತ್ತಾರೆ ಎಂದರು. ಜೆಡಿಎಸ್ ಪಕ್ಷಕ್ಕೆ ಸದಸ್ಯತ್ವ ಪಡೆಯಲು 9964002028 ಸಂಖ್ಯೆಗೆ ಮಿಸ್ ಕಾಲ್ ನೀಡಿ ಸದಸ್ಯತ್ವ ಪಡೆಯಬಹುದಾಗಿದೆ. ತಾಲ್ಲೂಕಿನ ಅಭಿವೃದ್ಧಿ ಬಗ್ಗೆ ಮಾಜಿ ಮುಖ್ಯಮಂತ್ರಿ ಕುಮಾರಸ್ವಾಮಿ ಅವರು ಹಲವು ಯೋಜನೆಗಳನ್ನು ಜಾರಿಗೆ ತಂದಿದ್ದರು. ಮಹಿಳೆಯರ ಸುರಕ್ಷತೆಗಾಗಿ ಹಲವು ಕಾರ್ಯಕ್ರಮಗಳನ್ನು ರೂಪಿಸಲಾಗಿತ್ತು. ಜನಸಾಮಾನ್ಯರ ಸಮಸ್ಯೆಗಳಿಗೆ ಸ್ಪಂದಿಸುವ ಸರ್ಕಾರ ಬೇಕಿದೆ ಎಂದರು.
ವಿದ್ಯಾರ್ಥಿನಿಯರಿಗೆ, ಆಶಾ ಕಾರ್ಯಕರ್ತೆಯರಿಗೆ ಹಾಗೂ ಅಂಗನವಾಡಿ ಕಾರ್ಯಕರ್ತೆಯರಿಗೆ ಸಮಸ್ಯೆಗಳ ಕುರಿತು ಚರ್ಚಿಸಲಾಯಿತು. ಕಾಂಗ್ರೆಸ್ ಸರ್ಕಾರ ಗ್ಯಾರಂಟಿ ಯೋಜನೆಗಳ ಹೆಸರಿನಲ್ಲಿ ಜನರನ್ನು ವಂಚಿಸುತ್ತಿದೆ. ಅಭಿವೃದ್ಧಿ ಕಾರ್ಯಗಳು ಸಂಪೂರ್ಣ ಸ್ಥಗಿತಗೊಂಡಿವೆ ಎಂದು ಟೀಕಿಸಿದರು. ಕಾರ್ಯಕ್ರಮದಲ್ಲಿ ಮಹಿಳಾ ಘಟಕದ ಅಧ್ಯಕ್ಷರು, ಪದಾಧಿಕಾರಿಗಳು ಹಾಗೂ ಮುಖಂಡರು ಭಾಗವಹಿಸಿದ್ದರು.
ಪ್ರತಿಪಾದಿಸಿ ಮಾತನಾಡಿದರು. ಮಾಜಿ ಮುಖ್ಯಮಂತ್ರಿ ಕುಮಾರಸ್ವಾಮಿ ಅವರು ಜಾರಿಗೆ ತಂದ ಯೋಜನೆಗಳು ಮಹಿಳೆಯರಿಗೆ ವರದಾನವಾಗಿವೆ. ಸ್ತ್ರೀಶಕ್ತಿ ಸಂಘಗಳಿಗೆ ಸಾಲ ಮನ್ನಾ ಮಾಡಿದ್ದು ಕುಮಾರಸ್ವಾಮಿ ಅವರು. ಶಾಲಾ ಕಾಲೇಜುಗಳಲ್ಲಿ 10 ಸಾವಿರ ಶಿಕ್ಷಕರ ನೇಮಕಾತಿ ಮಾಡಲಾಗಿತ್ತು. ಸರ್ಕಾರಿ ಶಾಲೆಗಳ ಅಭಿವೃದ್ಧಿಗೆ 100 ಕೋಟಿ ಅನುದಾನ ನೀಡಲಾಗಿತ್ತು. ಮುಂಬರುವ ದಿನಗಳಲ್ಲಿ ಜೆಡಿಎಸ್ ಪಕ್ಷ ಅಧಿಕಾರಕ್ಕೆ ಬರಲಿದ್ದು, ಮಹಿಳೆಯರ ಹಿತ ಕಾಯಲಿದೆ. ಕಾರ್ಯಕ್ರಮದಲ್ಲಿ ಜೆಡಿಎಸ್ ರಾಜ್ಯ ಮಹಿಳಾ ಘಟಕದ ಅಧ್ಯಕ್ಷೆ, ಜಿಲ್ಲಾ ಮಹಿಳಾ ಘಟಕದ ಅಧ್ಯಕ್ಷೆ, ಪದಾಧಿಕಾರಿಗಳು ಹಾಗೂ ನೂರಾರು ಮಹಿಳೆಯರು ಭಾಗವಹಿಸಿದ್ದರು.
